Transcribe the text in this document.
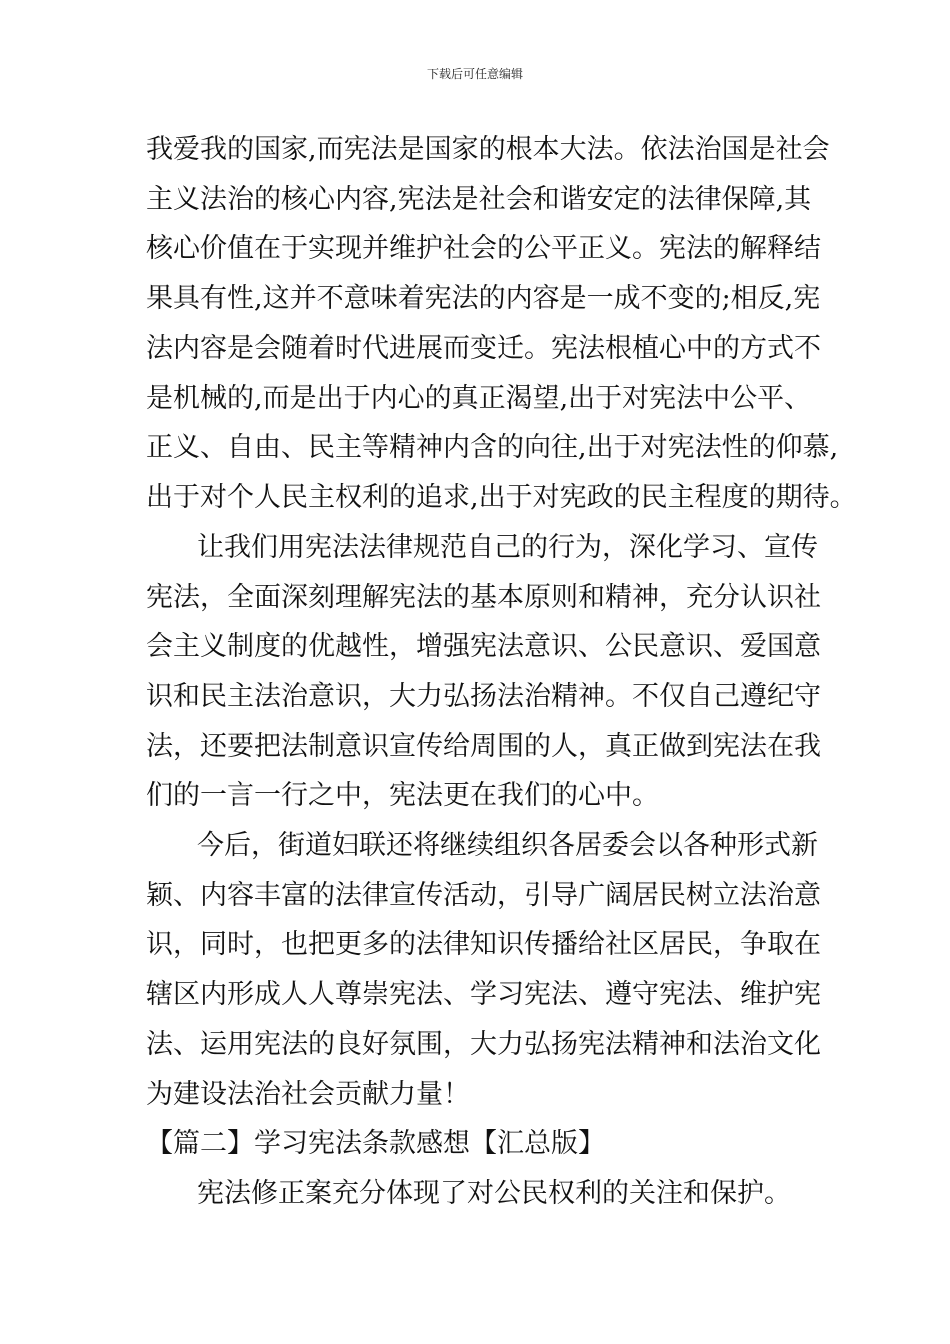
下载后可任意编辑
我爱我的国家,而宪法是国家的根本大法。依法治国是社会
主义法治的核心内容,宪法是社会和谐安定的法律保障,其
核心价值在于实现并维护社会的公平正义。宪法的解释结
果具有性,这并不意味着宪法的内容是一成不变的;相反,宪
法内容是会随着时代进展而变迁。宪法根植心中的方式不
是机械的,而是出于内心的真正渴望,出于对宪法中公平、
正义、自由、民主等精神内含的向往,出于对宪法性的仰慕,
出于对个人民主权利的追求,出于对宪政的民主程度的期待。
让我们用宪法法律规范自己的行为，深化学习、宣传
宪法，全面深刻理解宪法的基本原则和精神，充分认识社
会主义制度的优越性，增强宪法意识、公民意识、爱国意
识和民主法治意识，大力弘扬法治精神。不仅自己遵纪守
法，还要把法制意识宣传给周围的人，真正做到宪法在我
们的一言一行之中，宪法更在我们的心中。
今后，街道妇联还将继续组织各居委会以各种形式新
颖、内容丰富的法律宣传活动，引导广阔居民树立法治意
识，同时，也把更多的法律知识传播给社区居民，争取在
辖区内形成人人尊崇宪法、学习宪法、遵守宪法、维护宪
法、运用宪法的良好氛围，大力弘扬宪法精神和法治文化
为建设法治社会贡献力量！
【篇二】学习宪法条款感想【汇总版】
宪法修正案充分体现了对公民权利的关注和保护。
